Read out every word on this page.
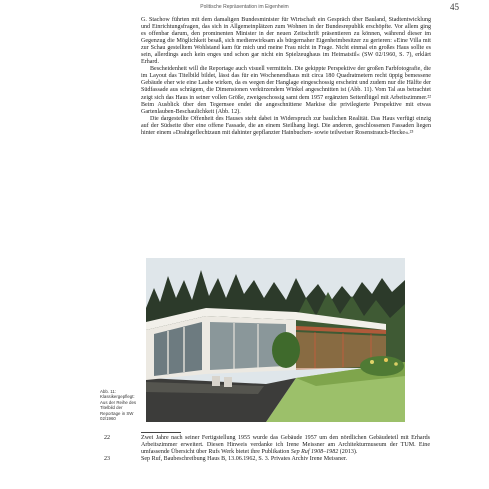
Politische Repräsentation im Eigenheim	45

G. Stachow führten mit dem damaligen Bundesminister für Wirtschaft ein Gespräch über Bauland, Stadtentwicklung und Einrichtungsfragen, das sich in Allgemeinplätzen zum Wohnen in der Bundesrepublik erschöpfte. Vor allem ging es offenbar darum, den prominenten Minister in der neuen Zeitschrift präsentieren zu können, während dieser im Gegenzug die Möglichkeit besaß, sich medienwirksam als bürgernaher Eigenheimbesitzer zu gerieren: »Eine Villa mit zur Schau gestelltem Wohlstand kam für mich und meine Frau nicht in Frage. Nicht einmal ein großes Haus sollte es sein, allerdings auch kein enges und schon gar nicht ein Spielzeughaus im Heimatstil« (SW 02/1960, S. 7), erklärt Erhard.

Bescheidenheit will die Reportage auch visuell vermitteln. Die gekippte Perspektive der großen Farbfotografie, die im Layout das Titelbild bildet, lässt das für ein Wochenendhaus mit circa 180 Quadratmetern recht üppig bemessene Gebäude eher wie eine Laube wirken, da es wegen der Hanglage eingeschossig erscheint und zudem nur die Hälfte der Südfassade aus schrägem, die Dimensionen verkürzendem Winkel angeschnitten ist (Abb. 11). Vom Tal aus betrachtet zeigt sich das Haus in seiner vollen Größe, zweigeschossig samt dem 1957 ergänzten Seitenflügel mit Arbeitszimmer.²² Beim Ausblick über den Tegernsee endet die angeschnittene Markise die privilegierte Perspektive mit etwas Gartenlauben-Beschaulichkeit (Abb. 12).

Die dargestellte Offenheit des Hauses steht dabei in Widerspruch zur baulichen Realität. Das Haus verfügt einzig auf der Südseite über eine offene Fassade, die an einem Steilhang liegt. Die anderen, geschlossenen Fassaden liegen hinter einem »Drahtgeflechtzaun mit dahinter gepflanzter Hainbuchen- sowie teilweiser Rosenstrauch-Hecke«.²³

Abb. 11: Klassikergepflegt: Aus der Reihe des Titelbild der Reportage in SW 02/1960

22	Zwei Jahre nach seiner Fertigstellung 1955 wurde das Gebäude 1957 um den nördlichen Gebäudeteil mit Erhards Arbeitszimmer erweitert. Diesen Hinweis verdanke ich Irene Meissner am Architekturmuseum der TUM. Eine umfassende Übersicht über Rufs Werk bietet ihre Publikation Sep Ruf 1908–1982 (2013).

23	Sep Ruf, Baubeschreibung Haus B, 13.06.1962, S. 3. Privates Archiv Irene Meissner.
